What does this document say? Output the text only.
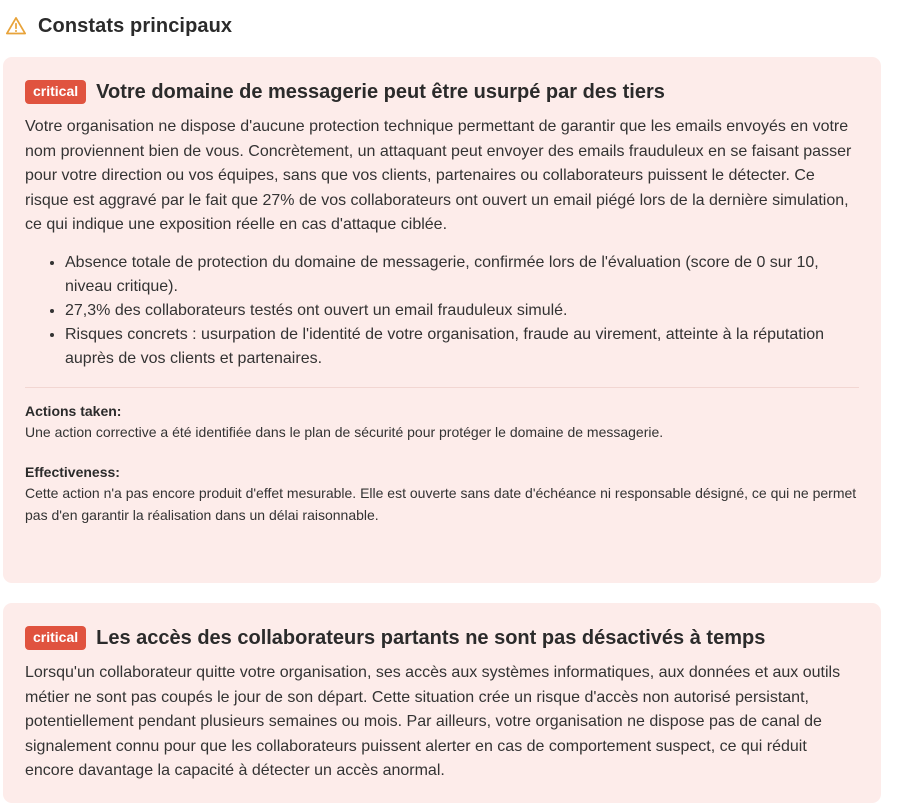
Constats principaux
critical Votre domaine de messagerie peut être usurpé par des tiers
Votre organisation ne dispose d'aucune protection technique permettant de garantir que les emails envoyés en votre nom proviennent bien de vous. Concrètement, un attaquant peut envoyer des emails frauduleux en se faisant passer pour votre direction ou vos équipes, sans que vos clients, partenaires ou collaborateurs puissent le détecter. Ce risque est aggravé par le fait que 27% de vos collaborateurs ont ouvert un email piégé lors de la dernière simulation, ce qui indique une exposition réelle en cas d'attaque ciblée.
• Absence totale de protection du domaine de messagerie, confirmée lors de l'évaluation (score de 0 sur 10, niveau critique).
• 27,3% des collaborateurs testés ont ouvert un email frauduleux simulé.
• Risques concrets : usurpation de l'identité de votre organisation, fraude au virement, atteinte à la réputation auprès de vos clients et partenaires.
Actions taken:
Une action corrective a été identifiée dans le plan de sécurité pour protéger le domaine de messagerie.
Effectiveness:
Cette action n'a pas encore produit d'effet mesurable. Elle est ouverte sans date d'échéance ni responsable désigné, ce qui ne permet pas d'en garantir la réalisation dans un délai raisonnable.
critical Les accès des collaborateurs partants ne sont pas désactivés à temps
Lorsqu'un collaborateur quitte votre organisation, ses accès aux systèmes informatiques, aux données et aux outils métier ne sont pas coupés le jour de son départ. Cette situation crée un risque d'accès non autorisé persistant, potentiellement pendant plusieurs semaines ou mois. Par ailleurs, votre organisation ne dispose pas de canal de signalement connu pour que les collaborateurs puissent alerter en cas de comportement suspect, ce qui réduit encore davantage la capacité à détecter un accès anormal.
